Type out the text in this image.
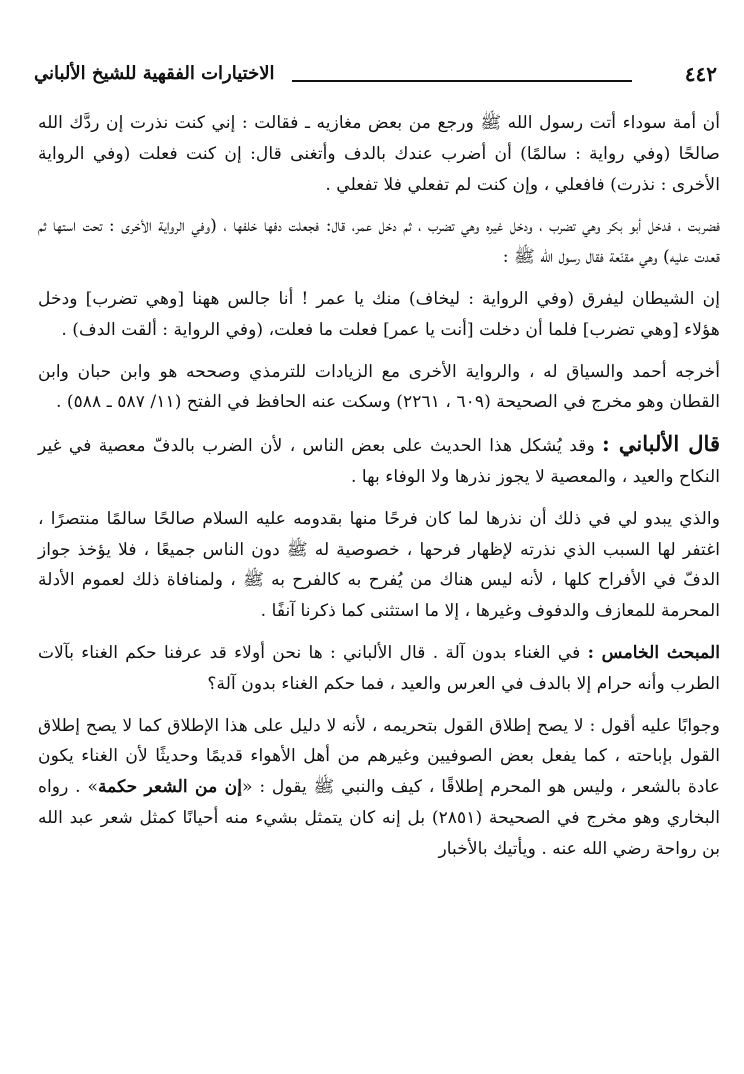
٤٤٢
الاختيارات الفقهية للشيخ الألباني

أن أمة سوداء أتت رسول الله ﷺ ورجع من بعض مغازيه ـ فقالت : إني كنت نذرت إن ردَّك الله صالحًا (وفي رواية : سالمًا) أن أضرب عندك بالدف وأتغنى قال: إن كنت فعلت (وفي الرواية الأخرى : نذرت) فافعلي ، وإن كنت لم تفعلي فلا تفعلي .

فضربت ، فدخل أبو بكر وهي تضرب ، ودخل غيره وهي تضرب ، ثم دخل عمر، قال: فجعلت دفها خلفها ، (وفي الرواية الأخرى : تحت استها ثم قعدت عليه) وهي مقنّعة فقال رسول الله ﷺ :

إن الشيطان ليفرق (وفي الرواية : ليخاف) منك يا عمر ! أنا جالس ههنا [وهي تضرب] ودخل هؤلاء [وهي تضرب] فلما أن دخلت [أنت يا عمر] فعلت ما فعلت، (وفي الرواية : ألقت الدف) .

أخرجه أحمد والسياق له ، والرواية الأخرى مع الزيادات للترمذي وصححه هو وابن حبان وابن القطان وهو مخرج في الصحيحة (٦٠٩ ، ٢٢٦١) وسكت عنه الحافظ في الفتح (١١/ ٥٨٧ ـ ٥٨٨) .

قال الألباني : وقد يُشكل هذا الحديث على بعض الناس ، لأن الضرب بالدفّ معصية في غير النكاح والعيد ، والمعصية لا يجوز نذرها ولا الوفاء بها .

والذي يبدو لي في ذلك أن نذرها لما كان فرحًا منها بقدومه عليه السلام صالحًا سالمًا منتصرًا ، اغتفر لها السبب الذي نذرته لإظهار فرحها ، خصوصية له ﷺ دون الناس جميعًا ، فلا يؤخذ جواز الدفّ في الأفراح كلها ، لأنه ليس هناك من يُفرح به كالفرح به ﷺ ، ولمنافاة ذلك لعموم الأدلة المحرمة للمعازف والدفوف وغيرها ، إلا ما استثنى كما ذكرنا آنفًا .

المبحث الخامس : في الغناء بدون آلة . قال الألباني : ها نحن أولاء قد عرفنا حكم الغناء بآلات الطرب وأنه حرام إلا بالدف في العرس والعيد ، فما حكم الغناء بدون آلة؟

وجوابًا عليه أقول : لا يصح إطلاق القول بتحريمه ، لأنه لا دليل على هذا الإطلاق كما لا يصح إطلاق القول بإباحته ، كما يفعل بعض الصوفيين وغيرهم من أهل الأهواء قديمًا وحديثًا لأن الغناء يكون عادة بالشعر ، وليس هو المحرم إطلاقًا ، كيف والنبي ﷺ يقول : «إن من الشعر حكمة» . رواه البخاري وهو مخرج في الصحيحة (٢٨٥١) بل إنه كان يتمثل بشيء منه أحيانًا كمثل شعر عبد الله بن رواحة رضي الله عنه . ويأتيك بالأخبار
